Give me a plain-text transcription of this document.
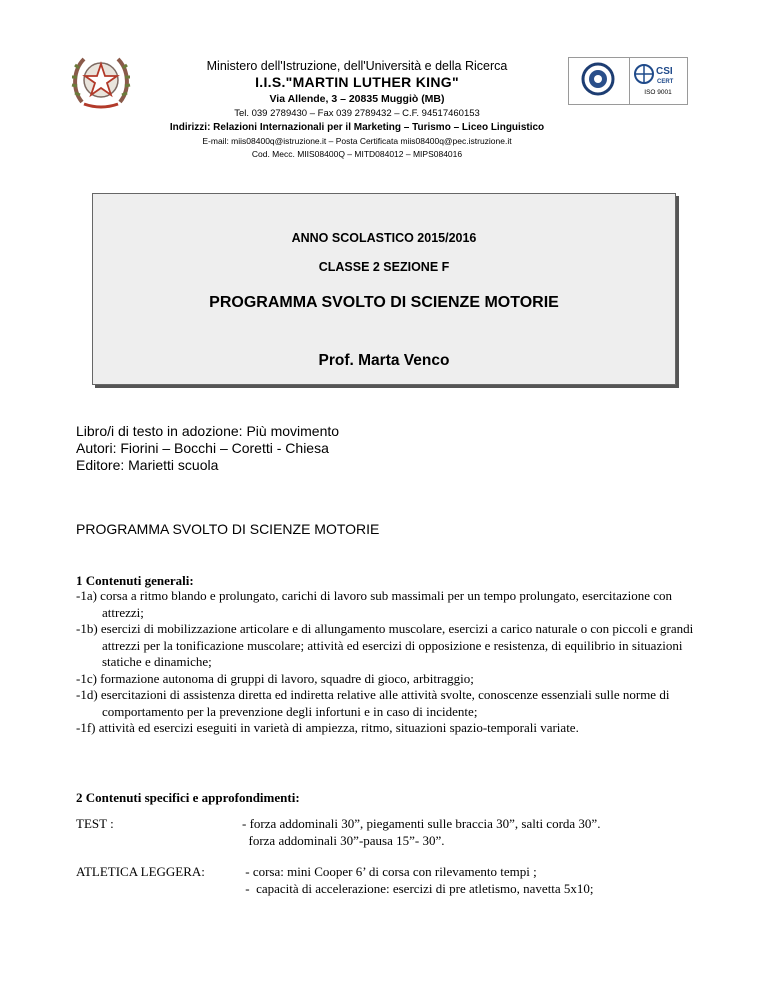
Ministero dell'Istruzione, dell'Università e della Ricerca
I.I.S."MARTIN LUTHER KING"
Via Allende, 3 – 20835 Muggiò (MB)
Tel. 039 2789430 – Fax 039 2789432 – C.F. 94517460153
Indirizzi: Relazioni Internazionali per il Marketing – Turismo – Liceo Linguistico
E-mail: miis08400q@istruzione.it – Posta Certificata miis08400q@pec.istruzione.it
Cod. Mecc. MIIS08400Q – MITD084012 – MIPS084016
CSI
CERT
ISO 9001
ANNO SCOLASTICO 2015/2016
CLASSE 2 SEZIONE F
PROGRAMMA SVOLTO DI SCIENZE MOTORIE
Prof. Marta Venco
Libro/i di testo in adozione: Più movimento
Autori: Fiorini – Bocchi – Coretti - Chiesa
Editore: Marietti scuola
PROGRAMMA SVOLTO DI SCIENZE MOTORIE
1 Contenuti generali:
-1a) corsa a ritmo blando e prolungato, carichi di lavoro sub massimali per un tempo prolungato, esercitazione con attrezzi;
-1b) esercizi di mobilizzazione articolare e di allungamento muscolare, esercizi a carico naturale o con piccoli e grandi attrezzi per la tonificazione muscolare; attività ed esercizi di opposizione e resistenza, di equilibrio in situazioni statiche e dinamiche;
-1c) formazione autonoma di gruppi di lavoro, squadre di gioco, arbitraggio;
-1d) esercitazioni di assistenza diretta ed indiretta relative alle attività svolte, conoscenze essenziali sulle norme di comportamento per la prevenzione degli infortuni e in caso di incidente;
-1f) attività ed esercizi eseguiti in varietà di ampiezza, ritmo, situazioni spazio-temporali variate.
2 Contenuti specifici e approfondimenti:
TEST :	- forza addominali 30”, piegamenti sulle braccia 30”, salti corda 30”.
forza addominali 30”-pausa 15”- 30”.
ATLETICA LEGGERA:	- corsa: mini Cooper 6’ di corsa con rilevamento tempi ;
-  capacità di accelerazione: esercizi di pre atletismo, navetta 5x10;
